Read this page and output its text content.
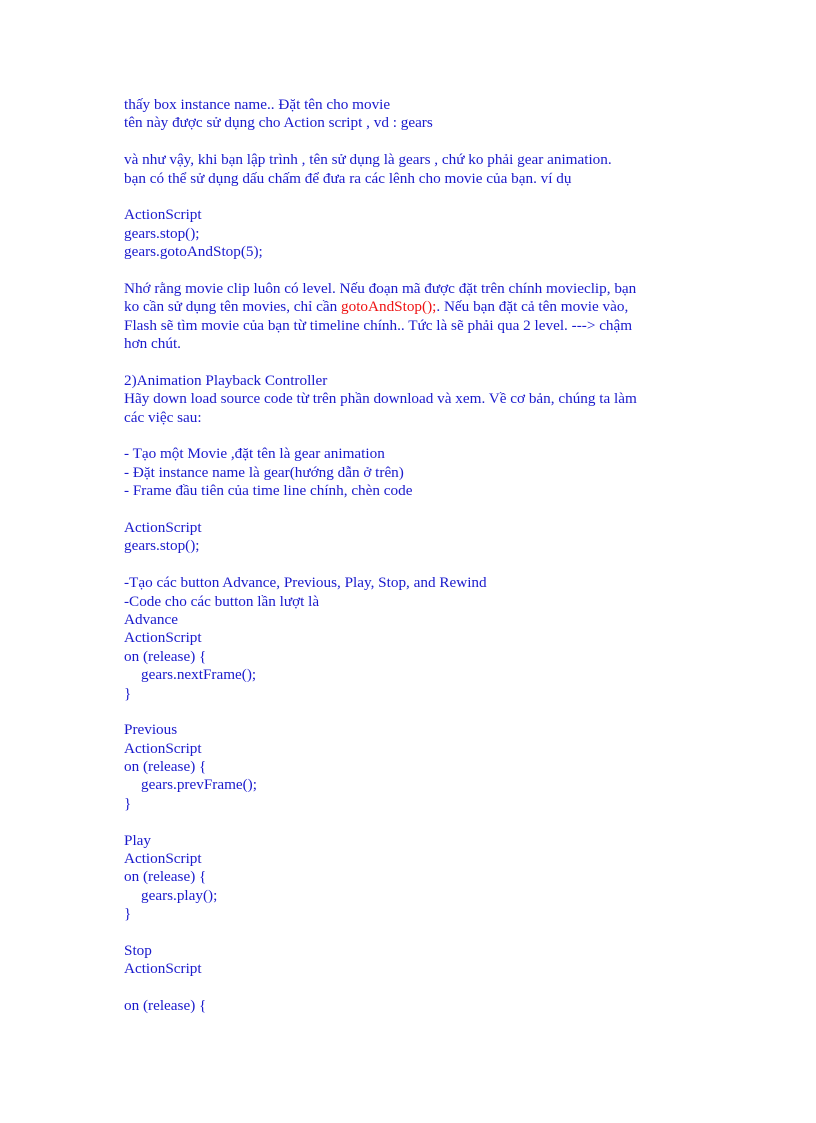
thấy box instance name.. Đặt tên cho movie
tên này được sử dụng cho Action script , vd : gears
và như vậy, khi bạn lập trình , tên sử dụng là gears , chứ ko phải gear animation.
bạn có thể sử dụng dấu chấm để đưa ra các lênh cho movie của bạn. ví dụ
ActionScript
gears.stop();
gears.gotoAndStop(5);
Nhớ rằng movie clip luôn có level. Nếu đoạn mã được đặt trên chính movieclip, bạn
ko cần sử dụng tên movies, chỉ cần gotoAndStop();. Nếu bạn đặt cả tên movie vào,
Flash sẽ tìm movie của bạn từ timeline chính.. Tức là sẽ phải qua 2 level. ---> chậm
hơn chút.
2)Animation Playback Controller
Hãy down load source code từ trên phần download và xem. Về cơ bản, chúng ta làm
các việc sau:
- Tạo một Movie ,đặt tên là gear animation
- Đặt instance name là gear(hướng dẫn ở trên)
- Frame đầu tiên của time line chính, chèn code
ActionScript
gears.stop();
-Tạo các button Advance, Previous, Play, Stop, and Rewind
-Code cho các button lần lượt là
Advance
ActionScript
on (release) {
gears.nextFrame();
}
Previous
ActionScript
on (release) {
gears.prevFrame();
}
Play
ActionScript
on (release) {
gears.play();
}
Stop
ActionScript
on (release) {
